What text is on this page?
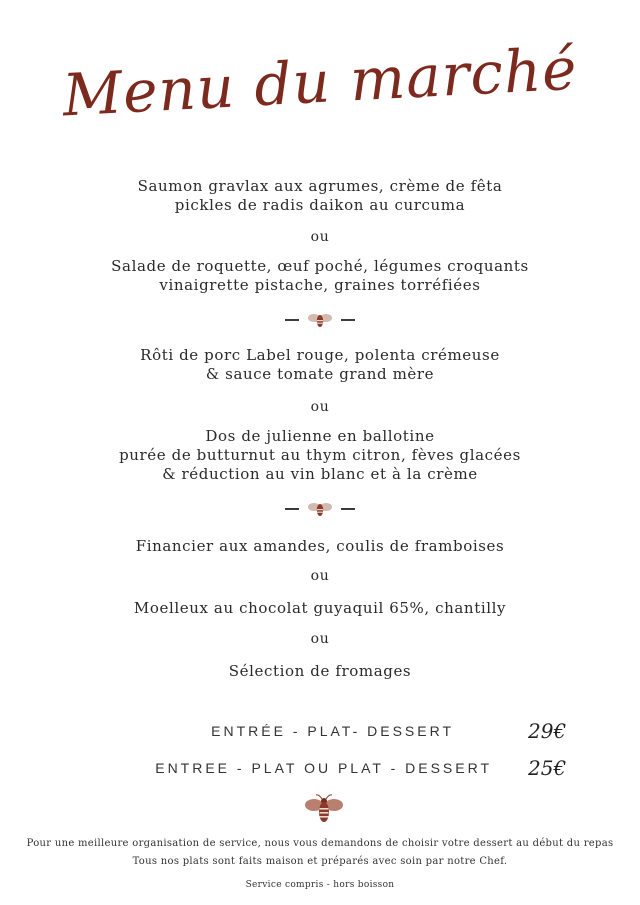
Menu du marché
Saumon gravlax aux agrumes, crème de fêta
pickles de radis daikon au curcuma
ou
Salade de roquette, œuf poché, légumes croquants
vinaigrette pistache, graines torréfiées
Rôti de porc Label rouge, polenta crémeuse
& sauce tomate grand mère
ou
Dos de julienne en ballotine
purée de butturnut au thym citron, fèves glacées
& réduction au vin blanc et à la crème
Financier aux amandes, coulis de framboises
ou
Moelleux au chocolat guyaquil 65%, chantilly
ou
Sélection de fromages
ENTRÉE - PLAT- DESSERT	29€
ENTREE - PLAT OU PLAT - DESSERT 25€
Pour une meilleure organisation de service, nous vous demandons de choisir votre dessert au début du repas
Tous nos plats sont faits maison et préparés avec soin par notre Chef.
Service compris - hors boisson
